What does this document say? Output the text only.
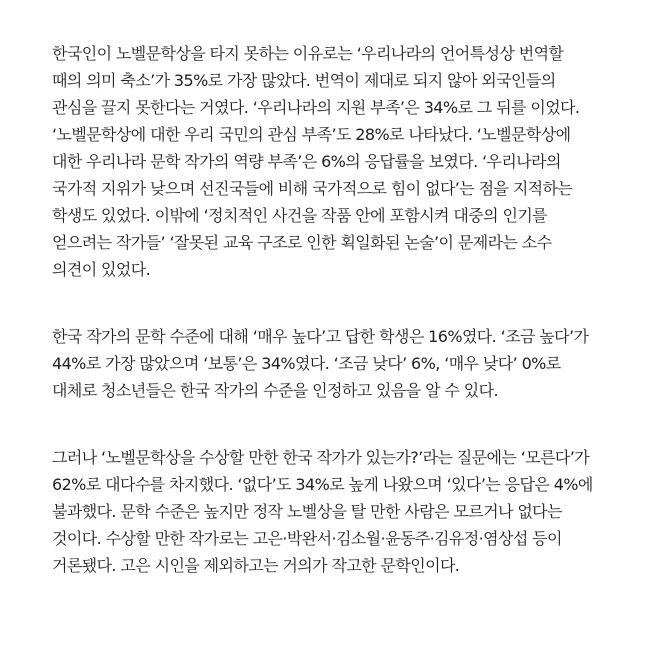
한국인이 노벨문학상을 타지 못하는 이유로는 ‘우리나라의 언어특성상 번역할
때의 의미 축소’가 35%로 가장 많았다. 번역이 제대로 되지 않아 외국인들의
관심을 끌지 못한다는 거였다. ‘우리나라의 지원 부족’은 34%로 그 뒤를 이었다.
‘노벨문학상에 대한 우리 국민의 관심 부족’도 28%로 나타났다. ‘노벨문학상에
대한 우리나라 문학 작가의 역량 부족’은 6%의 응답률을 보였다. ‘우리나라의
국가적 지위가 낮으며 선진국들에 비해 국가적으로 힘이 없다’는 점을 지적하는
학생도 있었다. 이밖에 ‘정치적인 사건을 작품 안에 포함시켜 대중의 인기를
얻으려는 작가들’ ‘잘못된 교육 구조로 인한 획일화된 논술’이 문제라는 소수
의견이 있었다.

한국 작가의 문학 수준에 대해 ‘매우 높다’고 답한 학생은 16%였다. ‘조금 높다’가
44%로 가장 많았으며 ‘보통’은 34%였다. ‘조금 낮다’ 6%, ‘매우 낮다’ 0%로
대체로 청소년들은 한국 작가의 수준을 인정하고 있음을 알 수 있다.

그러나 ‘노벨문학상을 수상할 만한 한국 작가가 있는가?’라는 질문에는 ‘모른다’가
62%로 대다수를 차지했다. ‘없다’도 34%로 높게 나왔으며 ‘있다’는 응답은 4%에
불과했다. 문학 수준은 높지만 정작 노벨상을 탈 만한 사람은 모르거나 없다는
것이다. 수상할 만한 작가로는 고은·박완서·김소월·윤동주·김유정·염상섭 등이
거론됐다. 고은 시인을 제외하고는 거의가 작고한 문학인이다.
